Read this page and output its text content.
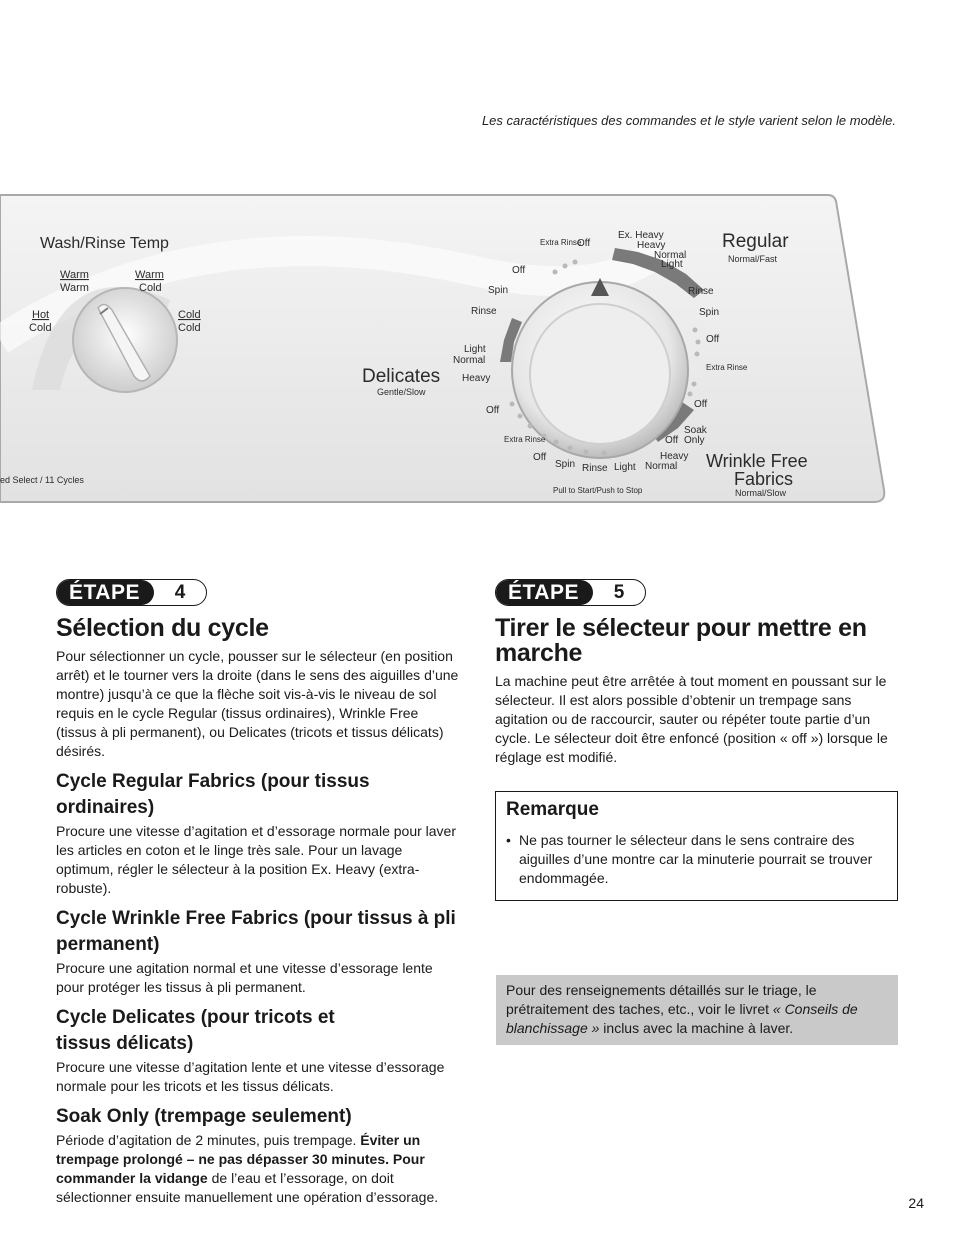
Les caractéristiques des commandes et le style varient selon le modèle.
Wash/Rinse Temp
Warm
Warm
Warm
Cold
Hot
Cold
Cold
Cold
ed Select / 11 Cycles
Extra Rinse
Off
Ex. Heavy
Heavy
Normal
Light
Rinse
Spin
Off
Extra Rinse
Off
Soak
Only
Off
Heavy
Normal
Light
Rinse
Spin
Off
Extra Rinse
Off
Heavy
Normal
Light
Rinse
Spin
Off
Regular
Normal/Fast
Delicates
Gentle/Slow
Wrinkle Free
Fabrics
Normal/Slow
Pull to Start/Push to Stop
ÉTAPE	4
Sélection du cycle

Pour sélectionner un cycle, pousser sur le sélecteur (en position arrêt) et le tourner vers la droite (dans le sens des aiguilles d’une montre) jusqu’à ce que la flèche soit vis-à-vis le niveau de sol requis en le cycle Regular (tissus ordinaires), Wrinkle Free (tissus à pli permanent), ou Delicates (tricots et tissus délicats) désirés.

Cycle Regular Fabrics (pour tissus ordinaires)

Procure une vitesse d’agitation et d’essorage normale pour laver les articles en coton et le linge très sale. Pour un lavage optimum, régler le sélecteur à la position Ex. Heavy (extra-robuste).

Cycle Wrinkle Free Fabrics (pour tissus à pli permanent)

Procure une agitation normal et une vitesse d’essorage lente pour protéger les tissus à pli permanent.

Cycle Delicates (pour tricots et tissus délicats)

Procure une vitesse d’agitation lente et une vitesse d’essorage normale pour les tricots et les tissus délicats.

Soak Only (trempage seulement)

Période d’agitation de 2 minutes, puis trempage. Éviter un trempage prolongé – ne pas dépasser 30 minutes. Pour commander la vidange de l’eau et l’essorage, on doit sélectionner ensuite manuellement une opération d’essorage.

ÉTAPE	5
Tirer le sélecteur pour mettre en marche

La machine peut être arrêtée à tout moment en poussant sur le sélecteur. Il est alors possible d’obtenir un trempage sans agitation ou de raccourcir, sauter ou répéter toute partie d’un cycle. Le sélecteur doit être enfoncé (position « off ») lorsque le réglage est modifié.

Remarque
• Ne pas tourner le sélecteur dans le sens contraire des aiguilles d’une montre car la minuterie pourrait se trouver endommagée.
Pour des renseignements détaillés sur le triage, le prétraitement des taches, etc., voir le livret « Conseils de blanchissage » inclus avec la machine à laver.
24
